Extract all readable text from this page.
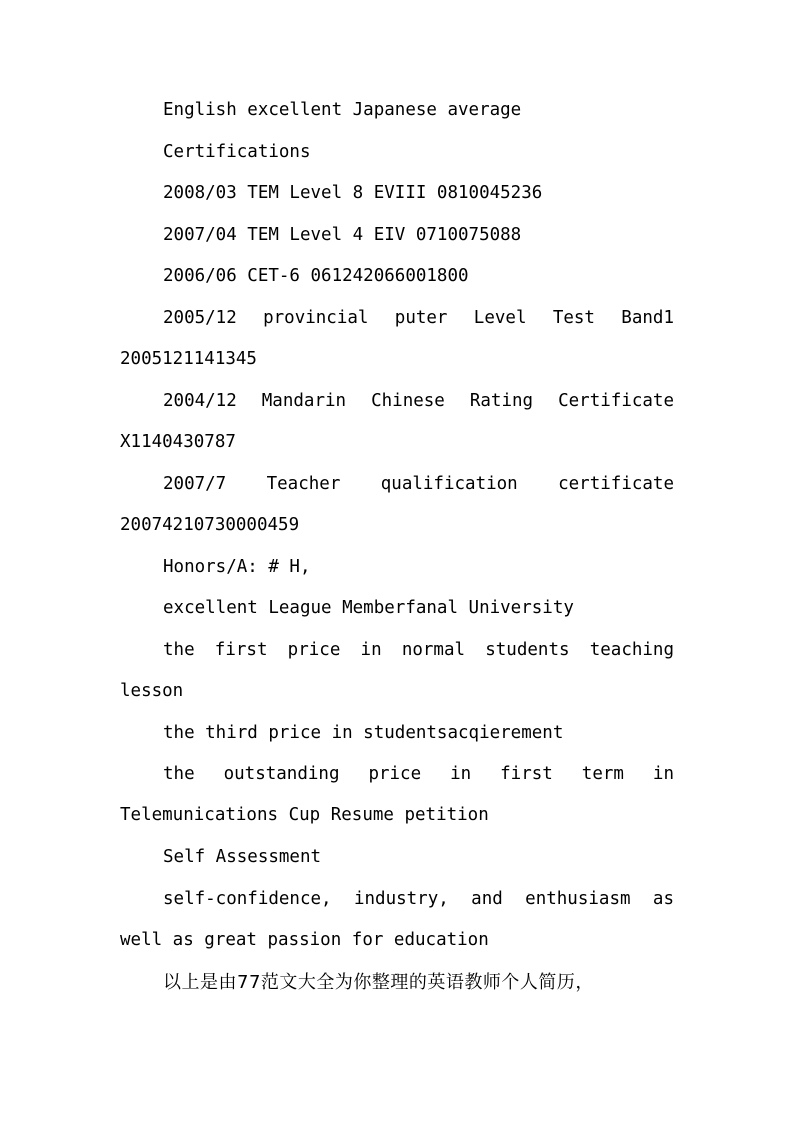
English excellent Japanese average

Certifications

2008/03 TEM Level 8 EVIII 0810045236

2007/04 TEM Level 4 EIV 0710075088

2006/06 CET-6 061242066001800

2005/12 provincial puter Level Test Band1 2005121141345

2004/12 Mandarin Chinese Rating Certificate X1140430787

2007/7 Teacher qualification certificate 20074210730000459

Honors/A: # H,

excellent League Memberfanal University

the first price in normal students teaching lesson

the third price in studentsacqierement

the outstanding price in first term in Telemunications Cup Resume petition

Self Assessment

self-confidence, industry, and enthusiasm as well as great passion for education

以上是由77范文大全为你整理的英语教师个人简历，
